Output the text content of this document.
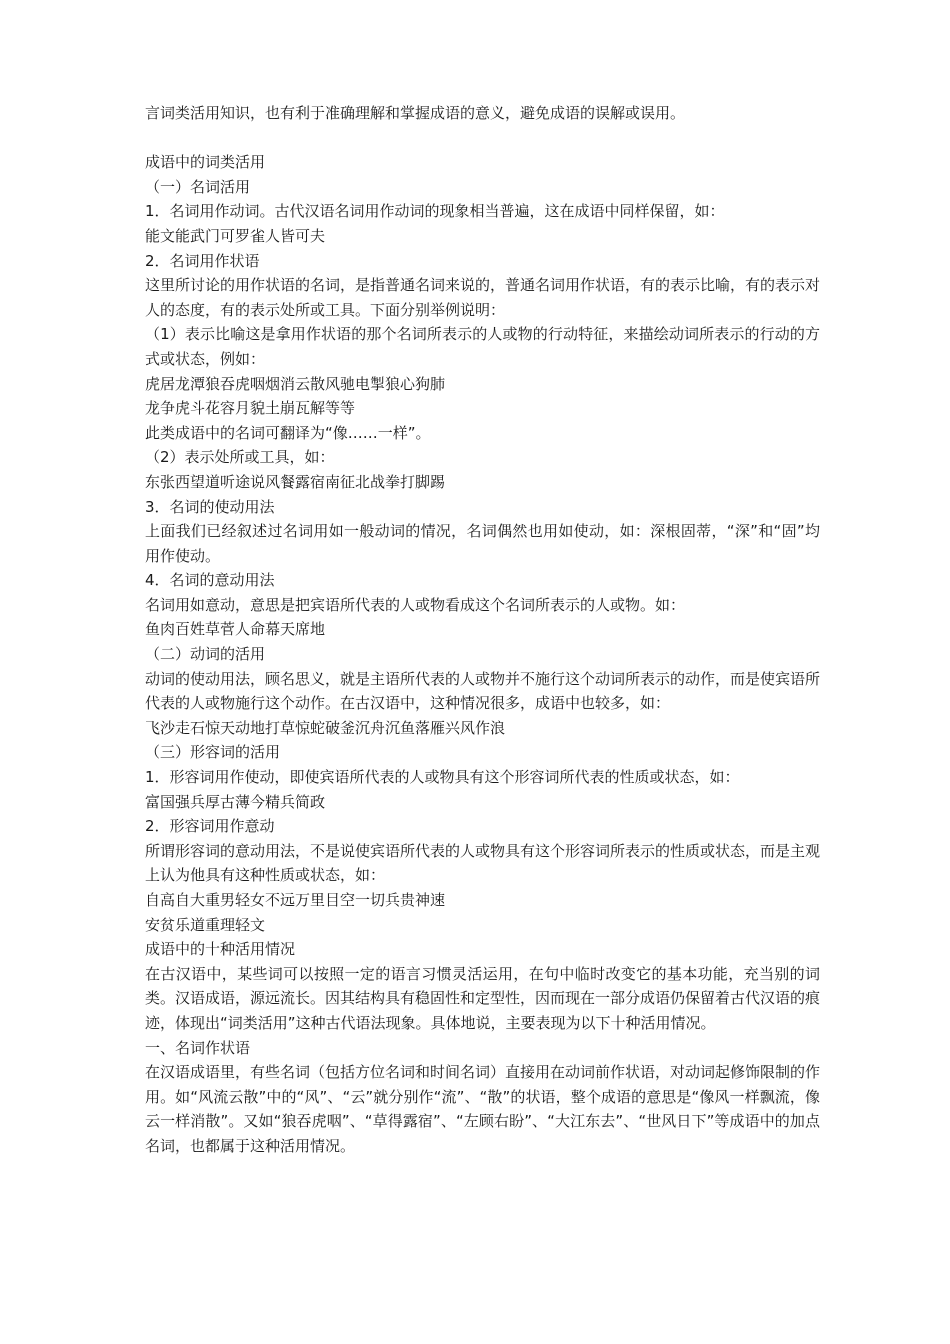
言词类活用知识，也有利于准确理解和掌握成语的意义，避免成语的误解或误用。

成语中的词类活用

（一）名词活用

1．名词用作动词。古代汉语名词用作动词的现象相当普遍，这在成语中同样保留，如：

能文能武门可罗雀人皆可夫

2．名词用作状语

这里所讨论的用作状语的名词，是指普通名词来说的，普通名词用作状语，有的表示比喻，有的表示对人的态度，有的表示处所或工具。下面分别举例说明：

（1）表示比喻这是拿用作状语的那个名词所表示的人或物的行动特征，来描绘动词所表示的行动的方式或状态，例如：

虎居龙潭狼吞虎咽烟消云散风驰电掣狼心狗肺

龙争虎斗花容月貌土崩瓦解等等

此类成语中的名词可翻译为“像……一样”。

（2）表示处所或工具，如：

东张西望道听途说风餐露宿南征北战拳打脚踢

3．名词的使动用法

上面我们已经叙述过名词用如一般动词的情况，名词偶然也用如使动，如：深根固蒂，“深”和“固”均用作使动。

4．名词的意动用法

名词用如意动，意思是把宾语所代表的人或物看成这个名词所表示的人或物。如：

鱼肉百姓草菅人命幕天席地

（二）动词的活用

动词的使动用法，顾名思义，就是主语所代表的人或物并不施行这个动词所表示的动作，而是使宾语所代表的人或物施行这个动作。在古汉语中，这种情况很多，成语中也较多，如：

飞沙走石惊天动地打草惊蛇破釜沉舟沉鱼落雁兴风作浪

（三）形容词的活用

1．形容词用作使动，即使宾语所代表的人或物具有这个形容词所代表的性质或状态，如：

富国强兵厚古薄今精兵简政

2．形容词用作意动

所谓形容词的意动用法，不是说使宾语所代表的人或物具有这个形容词所表示的性质或状态，而是主观上认为他具有这种性质或状态，如：

自高自大重男轻女不远万里目空一切兵贵神速

安贫乐道重理轻文

成语中的十种活用情况

在古汉语中，某些词可以按照一定的语言习惯灵活运用，在句中临时改变它的基本功能，充当别的词类。汉语成语，源远流长。因其结构具有稳固性和定型性，因而现在一部分成语仍保留着古代汉语的痕迹，体现出“词类活用”这种古代语法现象。具体地说，主要表现为以下十种活用情况。

一、名词作状语

在汉语成语里，有些名词（包括方位名词和时间名词）直接用在动词前作状语，对动词起修饰限制的作用。如“风流云散”中的“风”、“云”就分别作“流”、“散”的状语，整个成语的意思是“像风一样飘流，像云一样消散”。又如“狼吞虎咽”、“草得露宿”、“左顾右盼”、“大江东去”、“世风日下”等成语中的加点名词，也都属于这种活用情况。
